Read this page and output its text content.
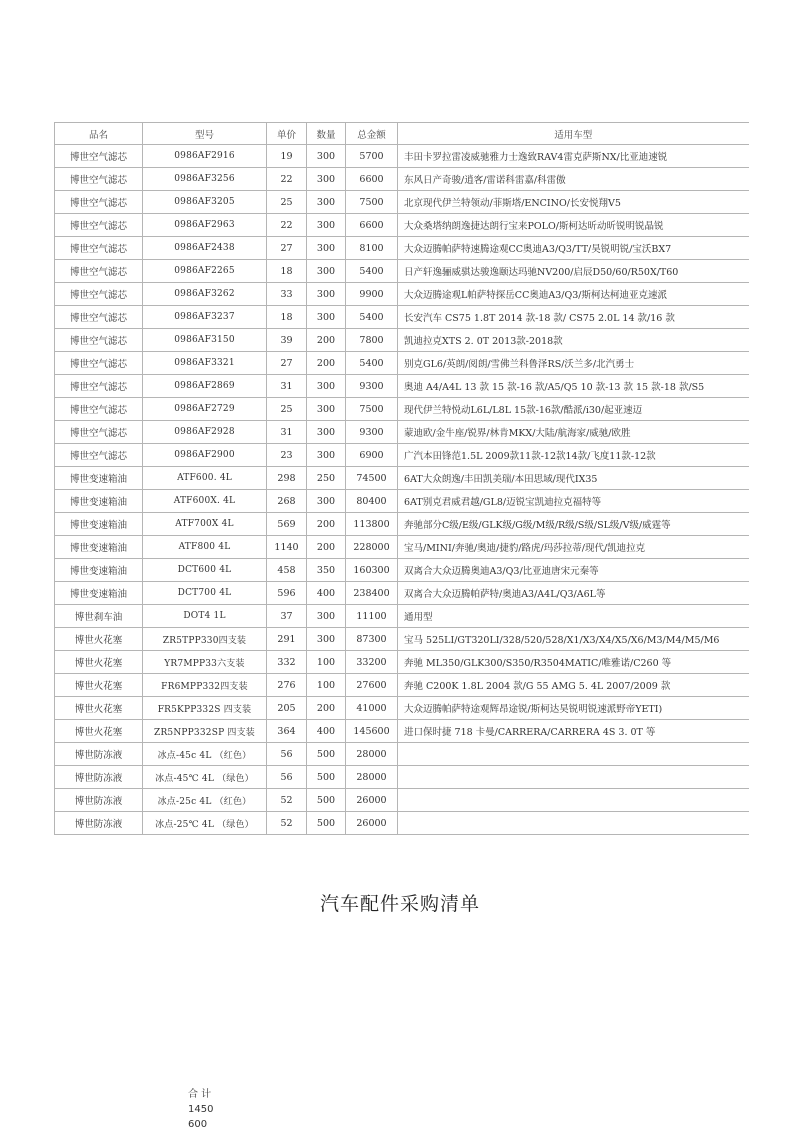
品名	型号	单价	数量	总金额	适用车型
博世空气滤芯	0986AF2916	19	300	5700	丰田卡罗拉雷凌威驰雅力士逸致RAV4雷克萨斯NX/比亚迪速锐
博世空气滤芯	0986AF3256	22	300	6600	东风日产奇骏/逍客/雷诺科雷嘉/科雷傲
博世空气滤芯	0986AF3205	25	300	7500	北京现代伊兰特领动/菲斯塔/ENCINO/长安悦翔V5
博世空气滤芯	0986AF2963	22	300	6600	大众桑塔纳朗逸捷达朗行宝来POLO/斯柯达昕动昕锐明锐晶锐
博世空气滤芯	0986AF2438	27	300	8100	大众迈腾帕萨特速腾途观CC奥迪A3/Q3/TT/昊锐明锐/宝沃BX7
博世空气滤芯	0986AF2265	18	300	5400	日产轩逸骊威骐达骏逸颐达玛驰NV200/启辰D50/60/R50X/T60
博世空气滤芯	0986AF3262	33	300	9900	大众迈腾途观L帕萨特探岳CC奥迪A3/Q3/斯柯达柯迪亚克速派
博世空气滤芯	0986AF3237	18	300	5400	长安汽车 CS75 1.8T 2014 款-18 款/ CS75 2.0L 14 款/16 款
博世空气滤芯	0986AF3150	39	200	7800	凯迪拉克XTS 2. 0T 2013款-2018款
博世空气滤芯	0986AF3321	27	200	5400	别克GL6/英朗/阅朗/雪佛兰科鲁泽RS/沃兰多/北汽勇士
博世空气滤芯	0986AF2869	31	300	9300	奥迪 A4/A4L 13 款 15 款-16 款/A5/Q5 10 款-13 款 15 款-18 款/S5
博世空气滤芯	0986AF2729	25	300	7500	现代伊兰特悦动L6L/L8L 15款-16款/酷派/i30/起亚速迈
博世空气滤芯	0986AF2928	31	300	9300	蒙迪欧/金牛座/锐界/林肯MKX/大陆/航海家/威驰/欧胜
博世空气滤芯	0986AF2900	23	300	6900	广汽本田锋范1.5L 2009款11款-12款14款/飞度11款-12款
博世变速箱油	ATF600. 4L	298	250	74500	6AT大众朗逸/丰田凯美瑞/本田思域/现代IX35
博世变速箱油	ATF600X. 4L	268	300	80400	6AT别克君威君越/GL8/迈锐宝凯迪拉克福特等
博世变速箱油	ATF700X 4L	569	200	113800	奔驰部分C级/E级/GLK级/G级/M级/R级/S级/SL级/V级/威霆等
博世变速箱油	ATF800 4L	1140	200	228000	宝马/MINI/奔驰/奥迪/捷豹/路虎/玛莎拉蒂/现代/凯迪拉克
博世变速箱油	DCT600 4L	458	350	160300	双离合大众迈腾奥迪A3/Q3/比亚迪唐宋元秦等
博世变速箱油	DCT700 4L	596	400	238400	双离合大众迈腾帕萨特/奥迪A3/A4L/Q3/A6L等
博世刹车油	DOT4 1L	37	300	11100	通用型
博世火花塞	ZR5TPP330四支装	291	300	87300	宝马 525LI/GT320LI/328/520/528/X1/X3/X4/X5/X6/M3/M4/M5/M6
博世火花塞	YR7MPP33六支装	332	100	33200	奔驰 ML350/GLK300/S350/R3504MATIC/唯雅诺/C260 等
博世火花塞	FR6MPP332四支装	276	100	27600	奔驰 C200K 1.8L 2004 款/G 55 AMG 5. 4L 2007/2009 款
博世火花塞	FR5KPP332S 四支装	205	200	41000	大众迈腾帕萨特途观辉昂途锐/斯柯达昊锐明锐速派野帝YETI)
博世火花塞	ZR5NPP332SP 四支装	364	400	145600	进口保时捷 718 卡曼/CARRERA/CARRERA 4S 3. 0T 等
博世防冻液	冰点-45c 4L （红色）	56	500	28000	
博世防冻液	冰点-45℃ 4L （绿色）	56	500	28000	
博世防冻液	冰点-25c 4L （红色）	52	500	26000	
博世防冻液	冰点-25℃ 4L （绿色）	52	500	26000	
汽车配件采购清单
合 计
1450
600
